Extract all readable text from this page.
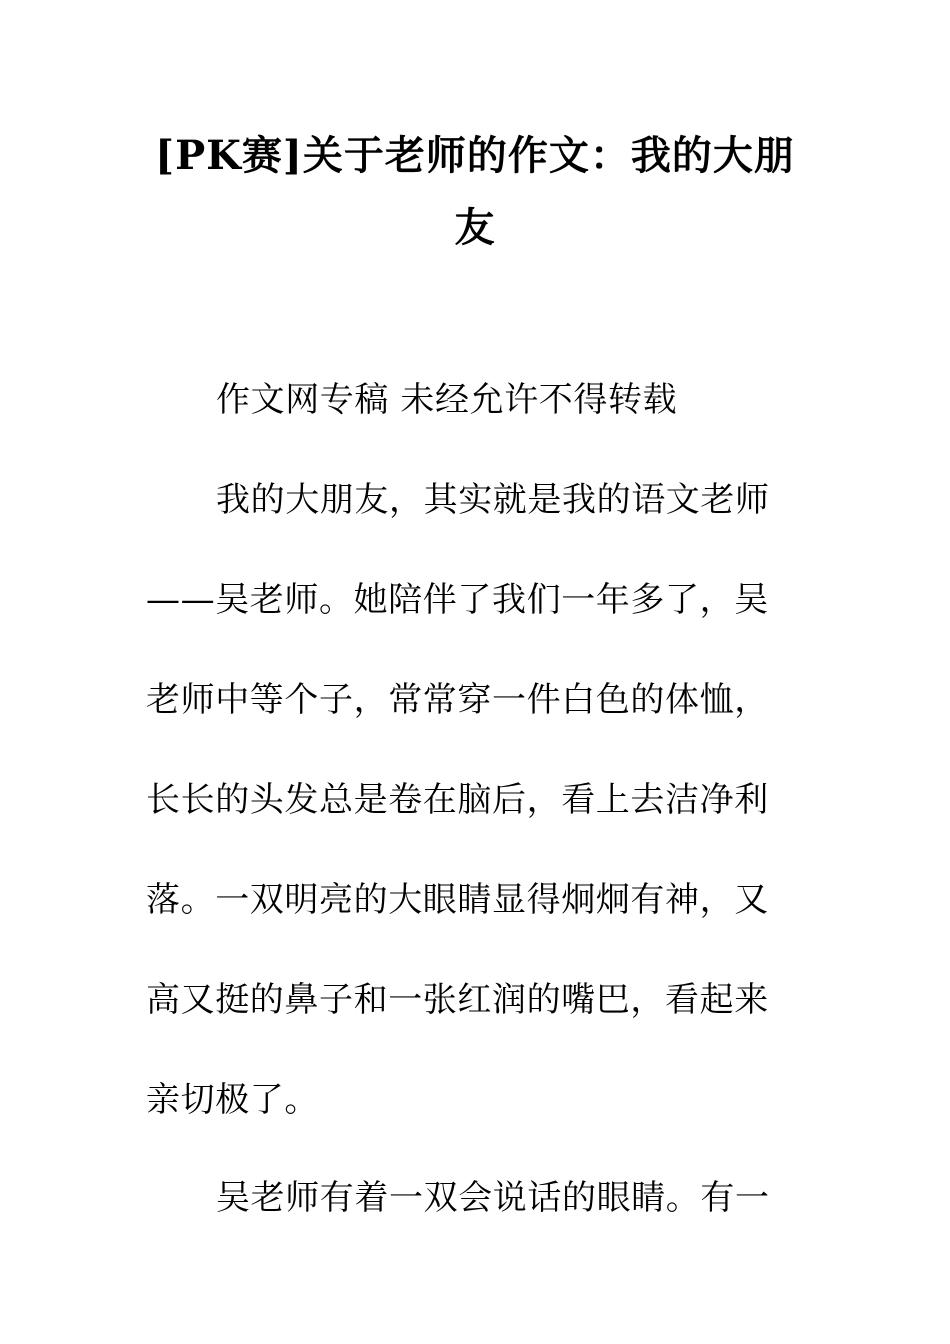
[PK赛]关于老师的作文：我的大朋
友
作文网专稿 未经允许不得转载
我的大朋友，其实就是我的语文老师
——吴老师。她陪伴了我们一年多了，吴
老师中等个子，常常穿一件白色的体恤，
长长的头发总是卷在脑后，看上去洁净利
落。一双明亮的大眼睛显得炯炯有神，又
高又挺的鼻子和一张红润的嘴巴，看起来
亲切极了。
吴老师有着一双会说话的眼睛。有一
